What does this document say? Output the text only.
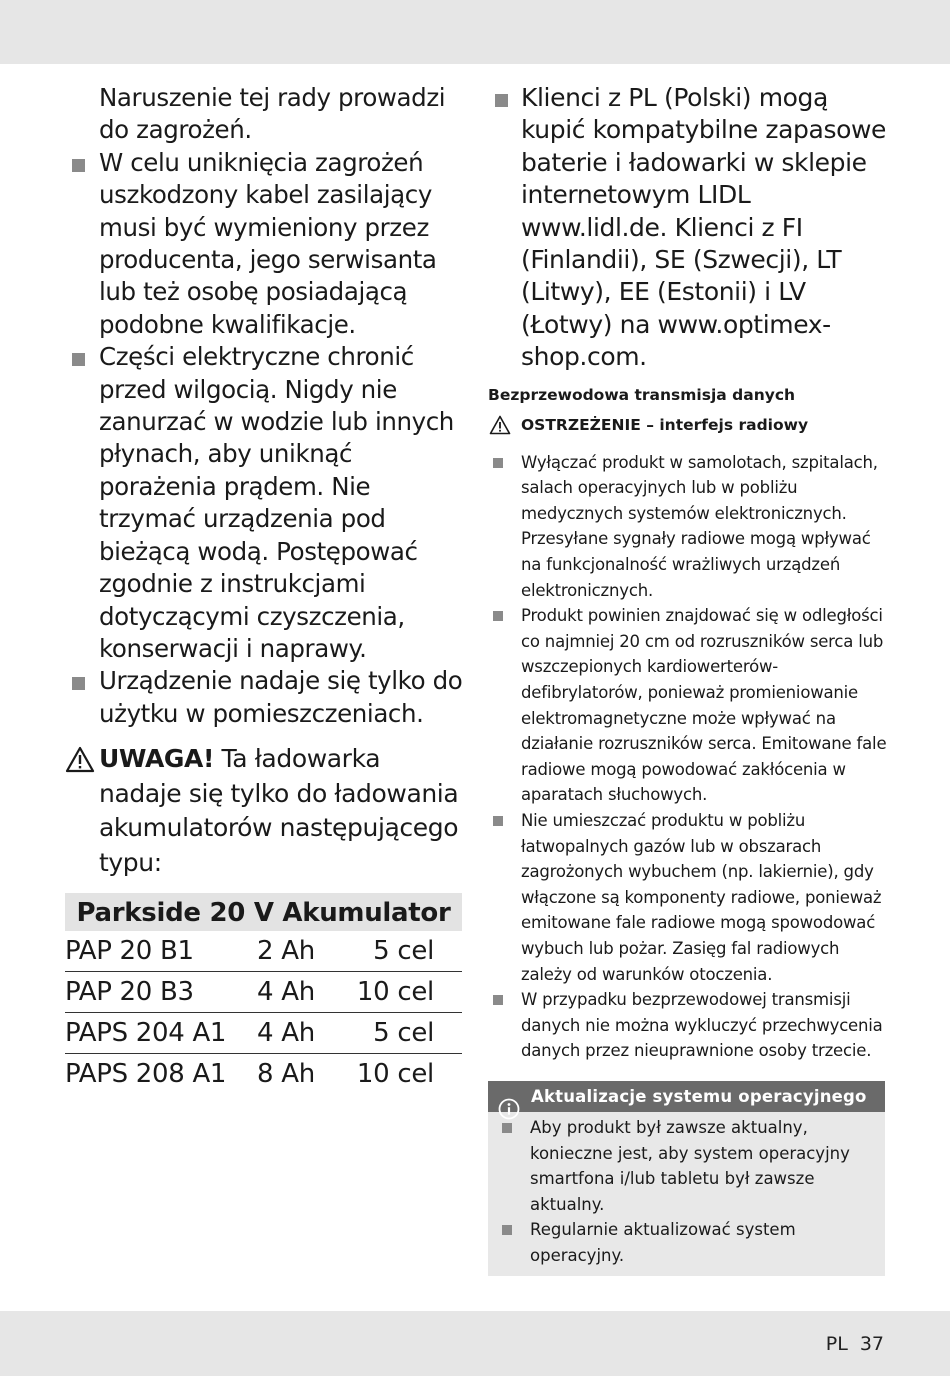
Naruszenie tej rady prowadzi do zagrożeń.

W celu uniknięcia zagrożeń uszkodzony kabel zasilający musi być wymieniony przez producenta, jego serwisanta lub też osobę posiadającą podobne kwalifikacje.
Części elektryczne chronić przed wilgocią. Nigdy nie zanurzać w wodzie lub innych płynach, aby uniknąć porażenia prądem. Nie trzymać urządzenia pod bieżącą wodą. Postępować zgodnie z instrukcjami dotyczącymi czyszczenia, konserwacji i naprawy.
Urządzenie nadaje się tylko do użytku w pomieszczeniach.
UWAGA! Ta ładowarka nadaje się tylko do ładowania akumulatorów następującego typu:
Parkside 20 V Akumulator
PAP 20 B1 2 Ah 5 cel
PAP 20 B3 4 Ah 10 cel
PAPS 204 A1 4 Ah 5 cel
PAPS 208 A1 8 Ah 10 cel
Klienci z PL (Polski) mogą kupić kompatybilne zapasowe baterie i ładowarki w sklepie internetowym LIDL www.lidl.de. Klienci z FI (Finlandii), SE (Szwecji), LT (Litwy), EE (Estonii) i LV (Łotwy) na www.optimex-shop.com.
Bezprzewodowa transmisja danych
OSTRZEŻENIE – interfejs radiowy
Wyłączać produkt w samolotach, szpitalach, salach operacyjnych lub w pobliżu medycznych systemów elektronicznych. Przesyłane sygnały radiowe mogą wpływać na funkcjonalność wrażliwych urządzeń elektronicznych.
Produkt powinien znajdować się w odległości co najmniej 20 cm od rozruszników serca lub wszczepionych kardiowerterów-defibrylatorów, ponieważ promieniowanie elektromagnetyczne może wpływać na działanie rozruszników serca. Emitowane fale radiowe mogą powodować zakłócenia w aparatach słuchowych.
Nie umieszczać produktu w pobliżu łatwopalnych gazów lub w obszarach zagrożonych wybuchem (np. lakiernie), gdy włączone są komponenty radiowe, ponieważ emitowane fale radiowe mogą spowodować wybuch lub pożar. Zasięg fal radiowych zależy od warunków otoczenia.
W przypadku bezprzewodowej transmisji danych nie można wykluczyć przechwycenia danych przez nieuprawnione osoby trzecie.
Aktualizacje systemu operacyjnego
Aby produkt był zawsze aktualny, konieczne jest, aby system operacyjny smartfona i/lub tabletu był zawsze aktualny.
Regularnie aktualizować system operacyjny.
PL 37
